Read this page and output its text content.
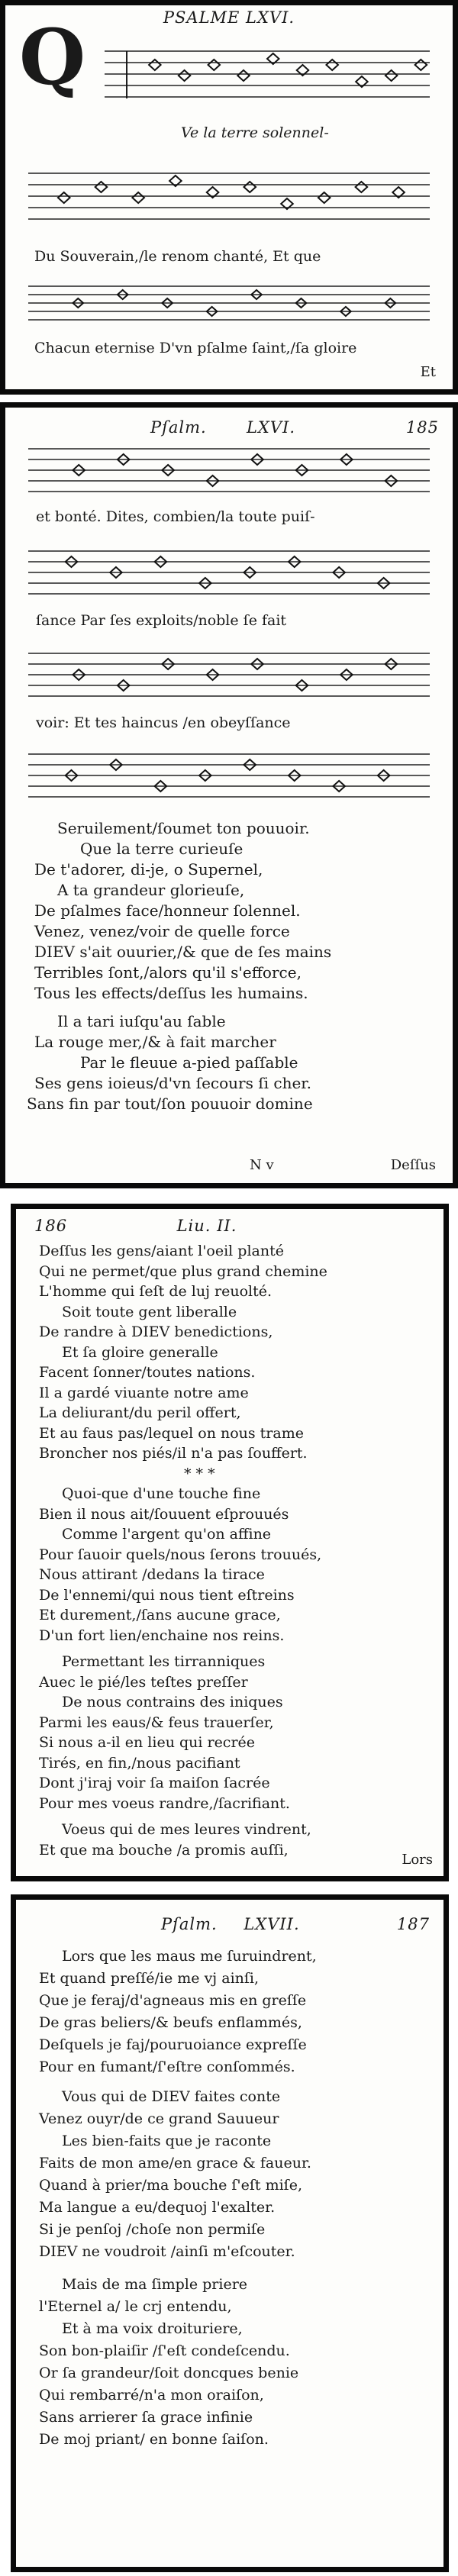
PSALME LXVI.
Q
Ve la terre solennel-
Du Souverain,/le renom chanté, Et que
Chacun eternise D'vn pſalme ſaint,/ſa gloire
Et
Pſalm.	LXVI.	185
et bonté. Dites, combien/la toute puiſ-
ſance Par ſes exploits/noble ſe fait
voir: Et tes haincus /en obeyſſance
Seruilement/ſoumet ton pouuoir.
Que la terre curieuſe
De t'adorer, di-je, o Supernel,
A ta grandeur glorieuſe,
De pſalmes face/honneur ſolennel.
Venez, venez/voir de quelle force
DIEV s'ait ouurier,/& que de ſes mains
Terribles ſont,/alors qu'il s'efforce,
Tous les effects/deſſus les humains.
Il a tari iuſqu'au ſable
La rouge mer,/& à fait marcher
Par le fleuue a-pied paſſable
Ses gens ioieus/d'vn ſecours ſi cher.
Sans fin par tout/ſon pouuoir domine
N v	Deſſus
186	Liu. II.
Deſſus les gens/aiant l'oeil planté
Qui ne permet/que plus grand chemine
L'homme qui ſeſt de luj reuolté.
Soit toute gent liberalle
De randre à DIEV benedictions,
Et ſa gloire generalle
Facent ſonner/toutes nations.
Il a gardé viuante notre ame
La deliurant/du peril offert,
Et au faus pas/lequel on nous trame
Broncher nos piés/il n'a pas ſouffert.
* * *
Quoi-que d'une touche fine
Bien il nous ait/ſouuent eſprouués
Comme l'argent qu'on affine
Pour ſauoir quels/nous ſerons trouués,
Nous attirant /dedans la tirace
De l'ennemi/qui nous tient eſtreins
Et durement,/ſans aucune grace,
D'un fort lien/enchaine nos reins.
Permettant les tirranniques
Auec le pié/les teſtes preſſer
De nous contrains des iniques
Parmi les eaus/& feus trauerſer,
Si nous a-il en lieu qui recrée
Tirés, en fin,/nous pacifiant
Dont j'iraj voir ſa maiſon ſacrée
Pour mes voeus randre,/ſacrifiant.
Voeus qui de mes leures vindrent,
Et que ma bouche /a promis auſſi,
Lors
Pſalm.	LXVII.	187
Lors que les maus me ſuruindrent,
Et quand preſſé/ie me vj ainſi,
Que je feraj/d'agneaus mis en greſſe
De gras beliers/& beufs enflammés,
Deſquels je faj/pouruoiance expreſſe
Pour en fumant/ſ'eſtre conſommés.
Vous qui de DIEV faites conte
Venez ouyr/de ce grand Sauueur
Les bien-faits que je raconte
Faits de mon ame/en grace & faueur.
Quand à prier/ma bouche ſ'eſt miſe,
Ma langue a eu/dequoj l'exalter.
Si je penſoj /choſe non permiſe
DIEV ne voudroit /ainſi m'eſcouter.
Mais de ma ſimple priere
l'Eternel a/ le crj entendu,
Et à ma voix droituriere,
Son bon-plaiſir /ſ'eſt condeſcendu.
Or ſa grandeur/ſoit doncques benie
Qui rembarré/n'a mon oraiſon,
Sans arrierer ſa grace infinie
De moj priant/ en bonne ſaiſon.
